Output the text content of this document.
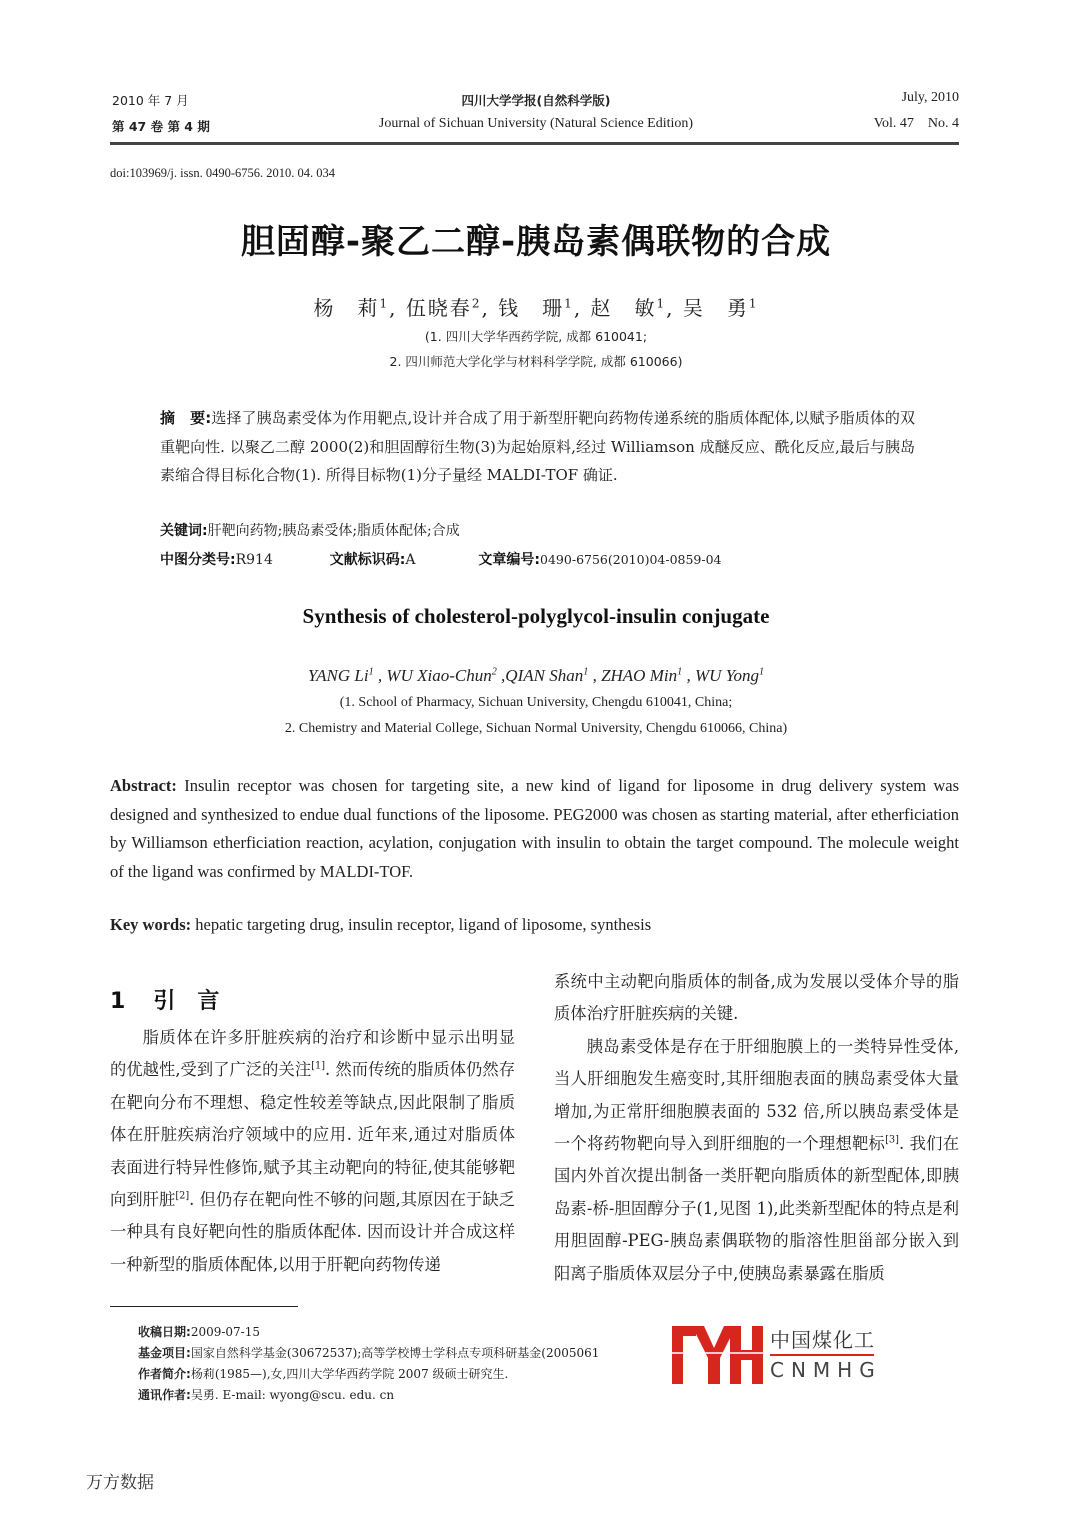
2010 年 7 月	四川大学学报(自然科学版)	July, 2010
第 47 卷 第 4 期	Journal of Sichuan University (Natural Science Edition)	Vol. 47    No. 4
doi:103969/j. issn. 0490-6756. 2010. 04. 034
胆固醇-聚乙二醇-胰岛素偶联物的合成
杨　莉$^1$, 伍晓春$^2$, 钱　珊$^1$, 赵　敏$^1$, 吴　勇$^1$
(1. 四川大学华西药学院, 成都 610041;
2. 四川师范大学化学与材料科学学院, 成都 610066)
摘　要:选择了胰岛素受体为作用靶点,设计并合成了用于新型肝靶向药物传递系统的脂质体配体,以赋予脂质体的双重靶向性. 以聚乙二醇 2000(2)和胆固醇衍生物(3)为起始原料,经过 Williamson 成醚反应、酰化反应,最后与胰岛素缩合得目标化合物(1). 所得目标物(1)分子量经 MALDI-TOF 确证.
关键词:肝靶向药物;胰岛素受体;脂质体配体;合成
中图分类号:R914	文献标识码:A	文章编号:0490-6756(2010)04-0859-04
Synthesis of cholesterol-polyglycol-insulin conjugate
YANG Li$^1$ , WU Xiao-Chun$^2$ ,QIAN Shan$^1$ , ZHAO Min$^1$ , WU Yong$^1$
(1. School of Pharmacy, Sichuan University, Chengdu 610041, China;
2. Chemistry and Material College, Sichuan Normal University, Chengdu 610066, China)
Abstract: Insulin receptor was chosen for targeting site, a new kind of ligand for liposome in drug delivery system was designed and synthesized to endue dual functions of the liposome. PEG2000 was chosen as starting material, after etherficiation by Williamson etherficiation reaction, acylation, conjugation with insulin to obtain the target compound. The molecule weight of the ligand was confirmed by MALDI-TOF.
Key words: hepatic targeting drug, insulin receptor, ligand of liposome, synthesis
1 引　言

脂质体在许多肝脏疾病的治疗和诊断中显示出明显的优越性,受到了广泛的关注[1]. 然而传统的脂质体仍然存在靶向分布不理想、稳定性较差等缺点,因此限制了脂质体在肝脏疾病治疗领域中的应用. 近年来,通过对脂质体表面进行特异性修饰,赋予其主动靶向的特征,使其能够靶向到肝脏[2]. 但仍存在靶向性不够的问题,其原因在于缺乏一种具有良好靶向性的脂质体配体. 因而设计并合成这样一种新型的脂质体配体,以用于肝靶向药物传递

系统中主动靶向脂质体的制备,成为发展以受体介导的脂质体治疗肝脏疾病的关键.

胰岛素受体是存在于肝细胞膜上的一类特异性受体,当人肝细胞发生癌变时,其肝细胞表面的胰岛素受体大量增加,为正常肝细胞膜表面的 532 倍,所以胰岛素受体是一个将药物靶向导入到肝细胞的一个理想靶标[3]. 我们在国内外首次提出制备一类肝靶向脂质体的新型配体,即胰岛素-桥-胆固醇分子(1,见图 1),此类新型配体的特点是利用胆固醇-PEG-胰岛素偶联物的脂溶性胆甾部分嵌入到阳离子脂质体双层分子中,使胰岛素暴露在脂质

收稿日期:2009-07-15
基金项目:国家自然科学基金(30672537);高等学校博士学科点专项科研基金(2005061
作者简介:杨莉(1985—),女,四川大学华西药学院 2007 级硕士研究生.
通讯作者:吴勇. E-mail: wyong@scu. edu. cn
中国煤化工
CNMHG
万方数据
